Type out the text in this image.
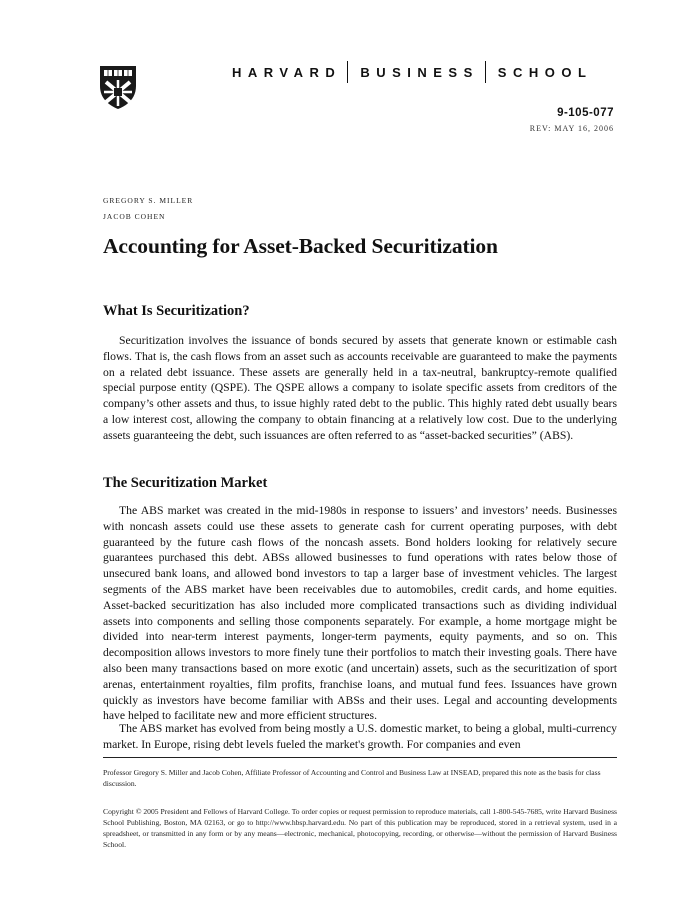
HARVARD BUSINESS SCHOOL
9-105-077
REV: MAY 16, 2006
GREGORY S. MILLER
JACOB COHEN
Accounting for Asset-Backed Securitization
What Is Securitization?

Securitization involves the issuance of bonds secured by assets that generate known or estimable cash flows. That is, the cash flows from an asset such as accounts receivable are guaranteed to make the payments on a related debt issuance. These assets are generally held in a tax-neutral, bankruptcy-remote qualified special purpose entity (QSPE). The QSPE allows a company to isolate specific assets from creditors of the company’s other assets and thus, to issue highly rated debt to the public. This highly rated debt usually bears a low interest cost, allowing the company to obtain financing at a relatively low cost. Due to the underlying assets guaranteeing the debt, such issuances are often referred to as “asset-backed securities” (ABS).

The Securitization Market

The ABS market was created in the mid-1980s in response to issuers’ and investors’ needs. Businesses with noncash assets could use these assets to generate cash for current operating purposes, with debt guaranteed by the future cash flows of the noncash assets. Bond holders looking for relatively secure guarantees purchased this debt. ABSs allowed businesses to fund operations with rates below those of unsecured bank loans, and allowed bond investors to tap a larger base of investment vehicles. The largest segments of the ABS market have been receivables due to automobiles, credit cards, and home equities. Asset-backed securitization has also included more complicated transactions such as dividing individual assets into components and selling those components separately. For example, a home mortgage might be divided into near-term interest payments, longer-term payments, equity payments, and so on. This decomposition allows investors to more finely tune their portfolios to match their investing goals. There have also been many transactions based on more exotic (and uncertain) assets, such as the securitization of sport arenas, entertainment royalties, film profits, franchise loans, and mutual fund fees. Issuances have grown quickly as investors have become familiar with ABSs and their uses. Legal and accounting developments have helped to facilitate new and more efficient structures.

The ABS market has evolved from being mostly a U.S. domestic market, to being a global, multi-currency market. In Europe, rising debt levels fueled the market's growth. For companies and even

Professor Gregory S. Miller and Jacob Cohen, Affiliate Professor of Accounting and Control and Business Law at INSEAD, prepared this note as the basis for class discussion.

Copyright © 2005 President and Fellows of Harvard College. To order copies or request permission to reproduce materials, call 1-800-545-7685, write Harvard Business School Publishing, Boston, MA 02163, or go to http://www.hbsp.harvard.edu. No part of this publication may be reproduced, stored in a retrieval system, used in a spreadsheet, or transmitted in any form or by any means—electronic, mechanical, photocopying, recording, or otherwise—without the permission of Harvard Business School.
